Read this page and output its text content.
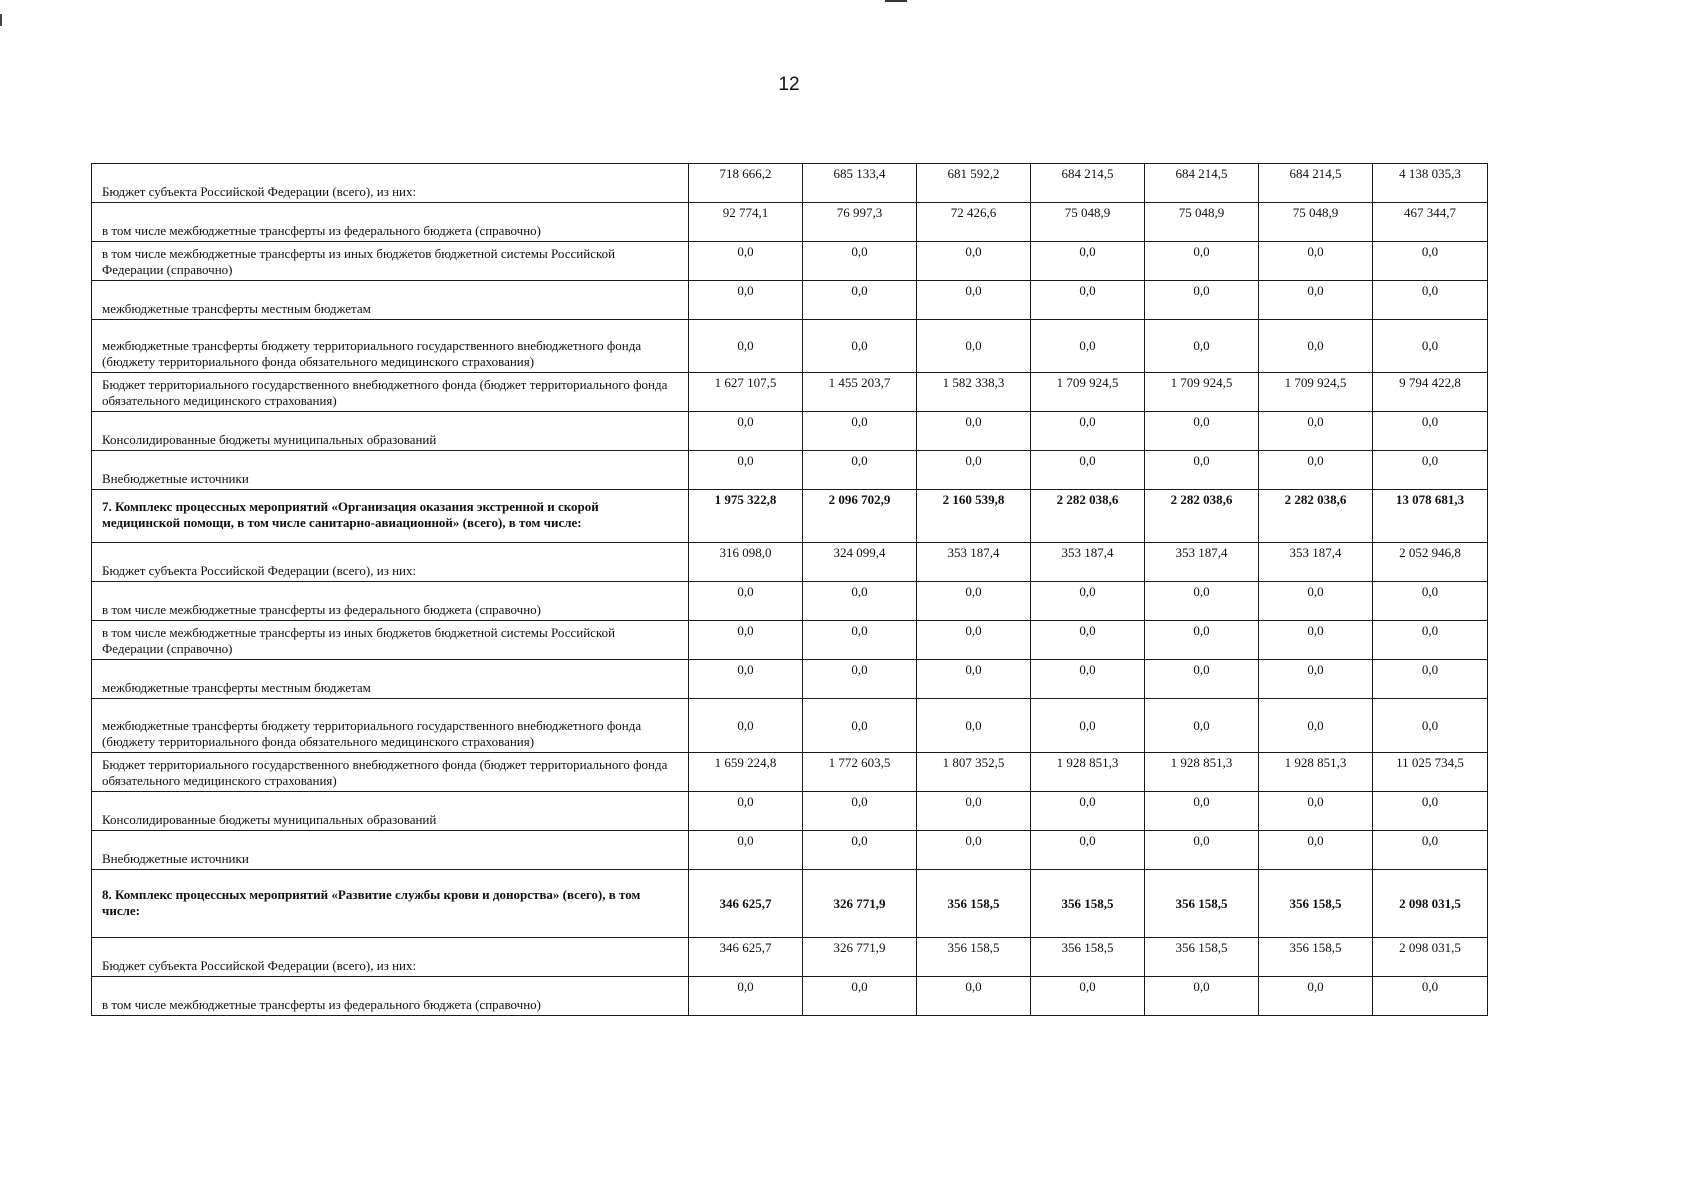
12
Бюджет субъекта Российской Федерации (всего), из них:	718 666,2	685 133,4	681 592,2	684 214,5	684 214,5	684 214,5	4 138 035,3
в том числе межбюджетные трансферты из федерального бюджета (справочно)	92 774,1	76 997,3	72 426,6	75 048,9	75 048,9	75 048,9	467 344,7
в том числе межбюджетные трансферты из иных бюджетов бюджетной системы Российской Федерации (справочно)	0,0	0,0	0,0	0,0	0,0	0,0	0,0
межбюджетные трансферты местным бюджетам	0,0	0,0	0,0	0,0	0,0	0,0	0,0
межбюджетные трансферты бюджету территориального государственного внебюджетного фонда (бюджету территориального фонда обязательного медицинского страхования)	0,0	0,0	0,0	0,0	0,0	0,0	0,0
Бюджет территориального государственного внебюджетного фонда (бюджет территориального фонда обязательного медицинского страхования)	1 627 107,5	1 455 203,7	1 582 338,3	1 709 924,5	1 709 924,5	1 709 924,5	9 794 422,8
Консолидированные бюджеты муниципальных образований	0,0	0,0	0,0	0,0	0,0	0,0	0,0
Внебюджетные источники	0,0	0,0	0,0	0,0	0,0	0,0	0,0
7. Комплекс процессных мероприятий «Организация оказания экстренной и скорой медицинской помощи, в том числе санитарно-авиационной» (всего), в том числе:	1 975 322,8	2 096 702,9	2 160 539,8	2 282 038,6	2 282 038,6	2 282 038,6	13 078 681,3
Бюджет субъекта Российской Федерации (всего), из них:	316 098,0	324 099,4	353 187,4	353 187,4	353 187,4	353 187,4	2 052 946,8
в том числе межбюджетные трансферты из федерального бюджета (справочно)	0,0	0,0	0,0	0,0	0,0	0,0	0,0
в том числе межбюджетные трансферты из иных бюджетов бюджетной системы Российской Федерации (справочно)	0,0	0,0	0,0	0,0	0,0	0,0	0,0
межбюджетные трансферты местным бюджетам	0,0	0,0	0,0	0,0	0,0	0,0	0,0
межбюджетные трансферты бюджету территориального государственного внебюджетного фонда (бюджету территориального фонда обязательного медицинского страхования)	0,0	0,0	0,0	0,0	0,0	0,0	0,0
Бюджет территориального государственного внебюджетного фонда (бюджет территориального фонда обязательного медицинского страхования)	1 659 224,8	1 772 603,5	1 807 352,5	1 928 851,3	1 928 851,3	1 928 851,3	11 025 734,5
Консолидированные бюджеты муниципальных образований	0,0	0,0	0,0	0,0	0,0	0,0	0,0
Внебюджетные источники	0,0	0,0	0,0	0,0	0,0	0,0	0,0
8. Комплекс процессных мероприятий «Развитие службы крови и донорства» (всего), в том числе:	346 625,7	326 771,9	356 158,5	356 158,5	356 158,5	356 158,5	2 098 031,5
Бюджет субъекта Российской Федерации (всего), из них:	346 625,7	326 771,9	356 158,5	356 158,5	356 158,5	356 158,5	2 098 031,5
в том числе межбюджетные трансферты из федерального бюджета (справочно)	0,0	0,0	0,0	0,0	0,0	0,0	0,0
